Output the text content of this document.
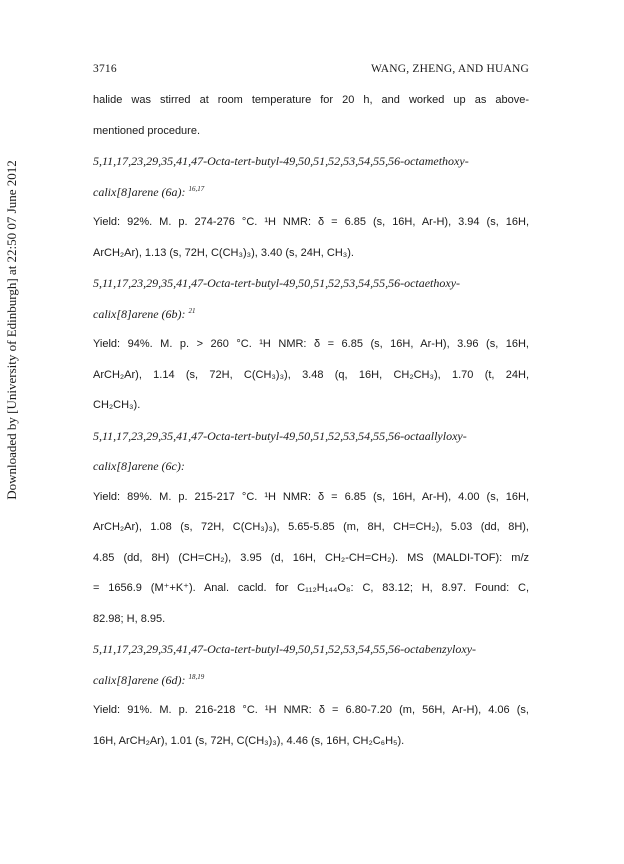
Downloaded by [University of Edinburgh] at 22:50 07 June 2012
3716	WANG, ZHENG, AND HUANG

halide was stirred at room temperature for 20 h, and worked up as above-

mentioned procedure.

5,11,17,23,29,35,41,47-Octa-tert-butyl-49,50,51,52,53,54,55,56-octamethoxy-

calix[8]arene (6a): $^{16,17}$

Yield: 92%. M. p. 274-276 °C. ¹H NMR: δ = 6.85 (s, 16H, Ar-H), 3.94 (s, 16H,

ArCH₂Ar), 1.13 (s, 72H, C(CH₃)₃), 3.40 (s, 24H, CH₃).

5,11,17,23,29,35,41,47-Octa-tert-butyl-49,50,51,52,53,54,55,56-octaethoxy-

calix[8]arene (6b): $^{21}$

Yield: 94%. M. p. > 260 °C. ¹H NMR: δ = 6.85 (s, 16H, Ar-H), 3.96 (s, 16H,

ArCH₂Ar), 1.14 (s, 72H, C(CH₃)₃), 3.48 (q, 16H, CH₂CH₃), 1.70 (t, 24H,

CH₂CH₃).

5,11,17,23,29,35,41,47-Octa-tert-butyl-49,50,51,52,53,54,55,56-octaallyloxy-

calix[8]arene (6c):

Yield: 89%. M. p. 215-217 °C. ¹H NMR: δ = 6.85 (s, 16H, Ar-H), 4.00 (s, 16H,

ArCH₂Ar), 1.08 (s, 72H, C(CH₃)₃), 5.65-5.85 (m, 8H, CH=CH₂), 5.03 (dd, 8H),

4.85 (dd, 8H) (CH=CH₂), 3.95 (d, 16H, CH₂-CH=CH₂). MS (MALDI-TOF): m/z

= 1656.9 (M⁺+K⁺). Anal. cacld. for C₁₁₂H₁₄₄O₈: C, 83.12; H, 8.97. Found: C,

82.98; H, 8.95.

5,11,17,23,29,35,41,47-Octa-tert-butyl-49,50,51,52,53,54,55,56-octabenzyloxy-

calix[8]arene (6d): $^{18,19}$

Yield: 91%. M. p. 216-218 °C. ¹H NMR: δ = 6.80-7.20 (m, 56H, Ar-H), 4.06 (s,

16H, ArCH₂Ar), 1.01 (s, 72H, C(CH₃)₃), 4.46 (s, 16H, CH₂C₆H₅).
